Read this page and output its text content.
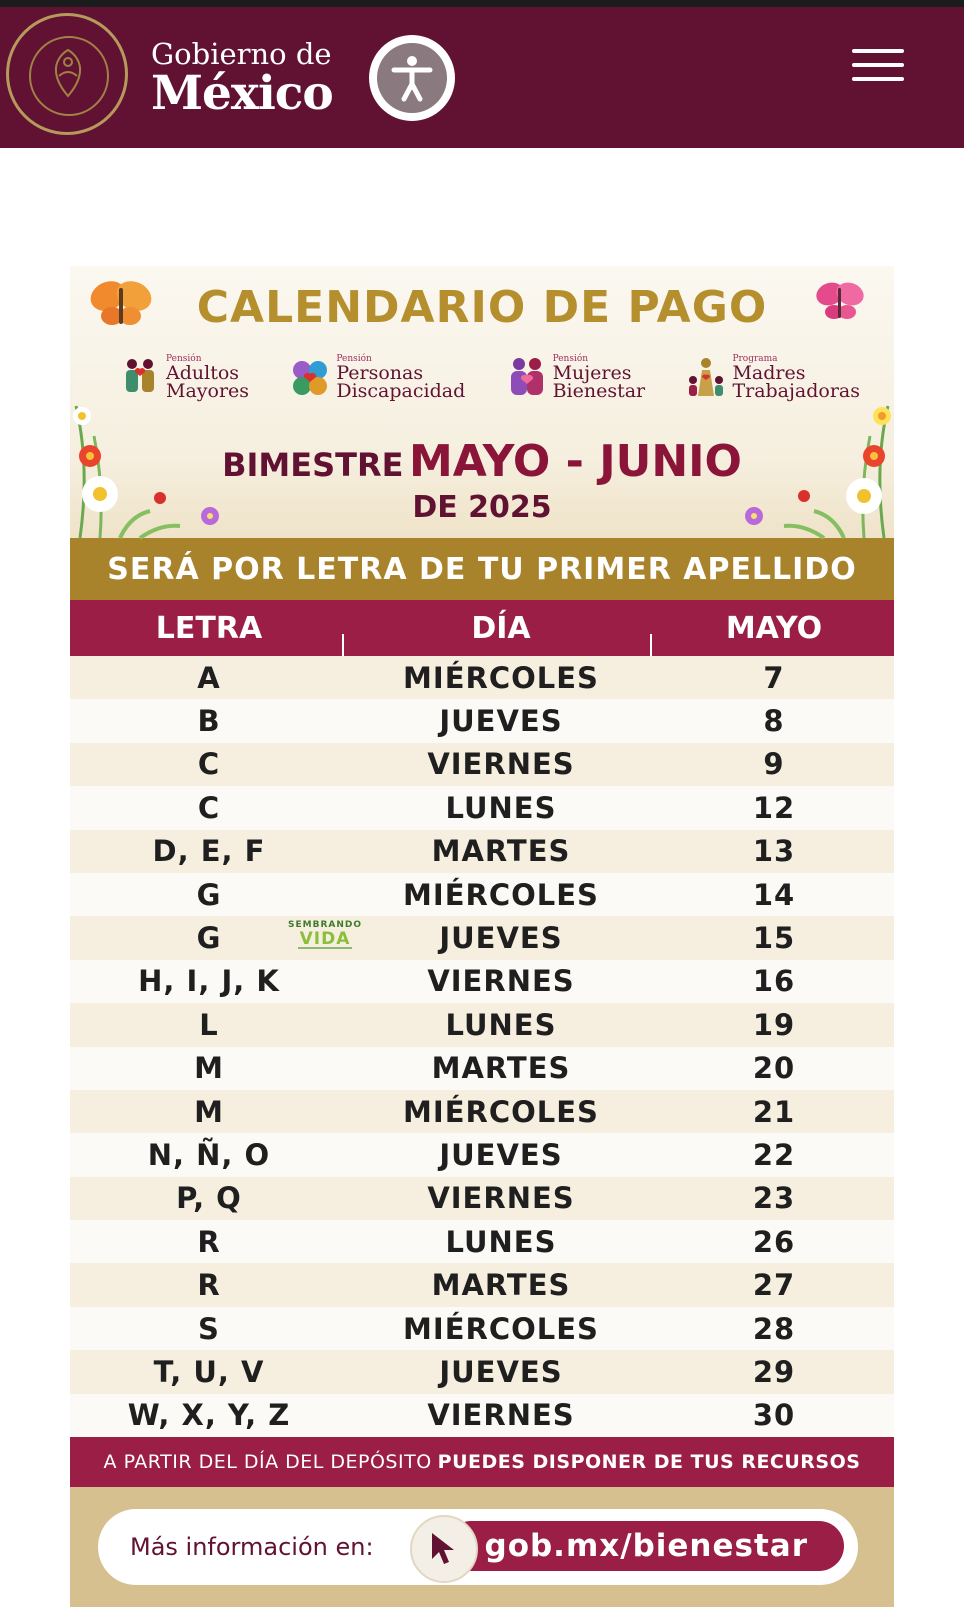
Gobierno de
México
CALENDARIO DE PAGO
Pensión
Adultos
Mayores
Pensión
Personas
Discapacidad
Pensión
Mujeres
Bienestar
Programa
Madres
Trabajadoras
BIMESTRE MAYO - JUNIO
DE 2025
SERÁ POR LETRA DE TU PRIMER APELLIDO
LETRA	DÍA	MAYO
A	MIÉRCOLES	7
B	JUEVES	8
C	VIERNES	9
C	LUNES	12
D, E, F	MARTES	13
G	MIÉRCOLES	14
G	JUEVES	15
SEMBRANDO
VIDA
H, I, J, K	VIERNES	16
L	LUNES	19
M	MARTES	20
M	MIÉRCOLES	21
N, Ñ, O	JUEVES	22
P, Q	VIERNES	23
R	LUNES	26
R	MARTES	27
S	MIÉRCOLES	28
T, U, V	JUEVES	29
W, X, Y, Z	VIERNES	30
A PARTIR DEL DÍA DEL DEPÓSITO PUEDES DISPONER DE TUS RECURSOS
Más información en:	gob.mx/bienestar
